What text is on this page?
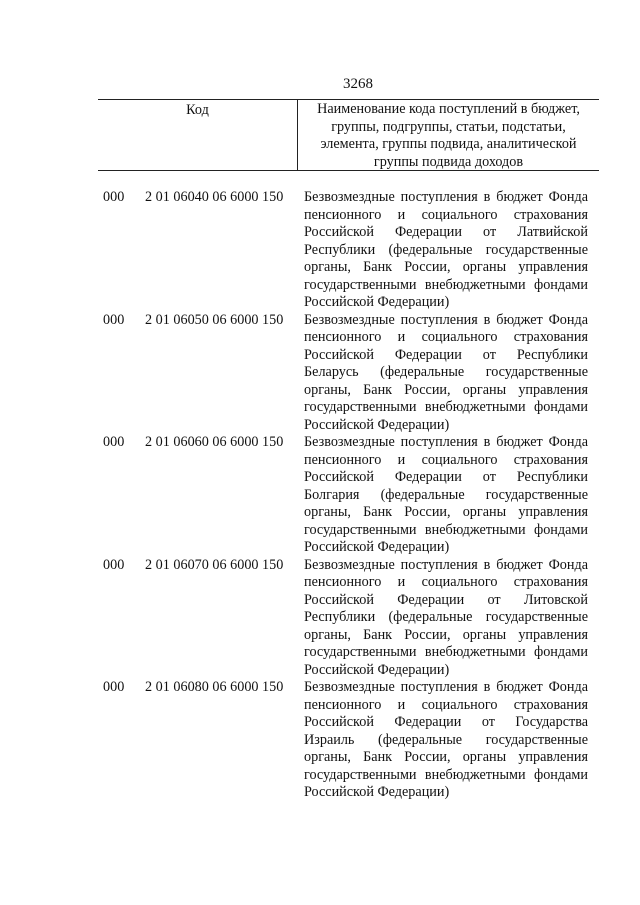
3268
Код	Наименование кода поступлений в бюджет,
группы, подгруппы, статьи, подстатьи,
элемента, группы подвида, аналитической
группы подвида доходов
000 2 01 06040 06 6000 150 Безвозмездные поступления в бюджет Фонда
пенсионного и социального страхования
Российской Федерации от Латвийской
Республики (федеральные государственные
органы, Банк России, органы управления
государственными внебюджетными фондами
Российской Федерации)
000 2 01 06050 06 6000 150 Безвозмездные поступления в бюджет Фонда
пенсионного и социального страхования
Российской Федерации от Республики
Беларусь (федеральные государственные
органы, Банк России, органы управления
государственными внебюджетными фондами
Российской Федерации)
000 2 01 06060 06 6000 150 Безвозмездные поступления в бюджет Фонда
пенсионного и социального страхования
Российской Федерации от Республики
Болгария (федеральные государственные
органы, Банк России, органы управления
государственными внебюджетными фондами
Российской Федерации)
000 2 01 06070 06 6000 150 Безвозмездные поступления в бюджет Фонда
пенсионного и социального страхования
Российской Федерации от Литовской
Республики (федеральные государственные
органы, Банк России, органы управления
государственными внебюджетными фондами
Российской Федерации)
000 2 01 06080 06 6000 150 Безвозмездные поступления в бюджет Фонда
пенсионного и социального страхования
Российской Федерации от Государства
Израиль (федеральные государственные
органы, Банк России, органы управления
государственными внебюджетными фондами
Российской Федерации)
